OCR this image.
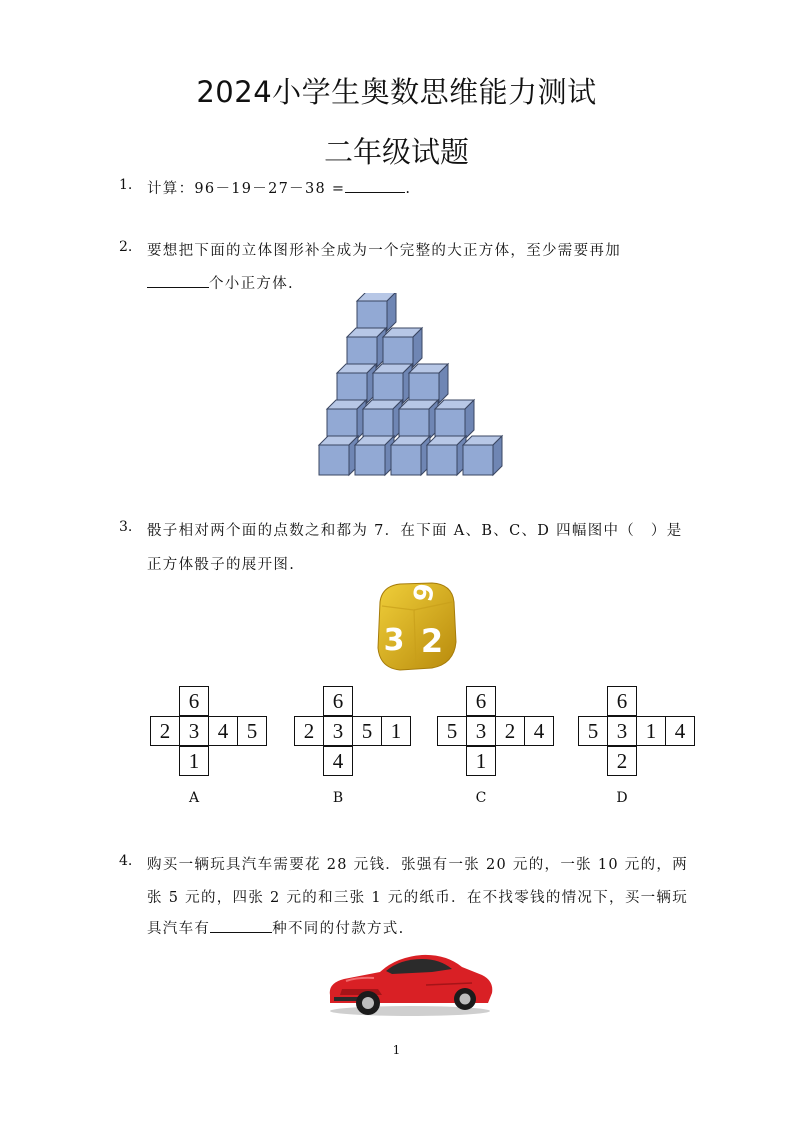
2024小学生奥数思维能力测试
二年级试题
1. 计算：96－19－27－38 =	.
2. 要想把下面的立体图形补全成为一个完整的大正方体，至少需要再加
个小正方体.
3. 骰子相对两个面的点数之和都为 7．在下面 A、B、C、D 四幅图中（　）是
正方体骰子的展开图.
6
3 2
6
2 3 4 5
1
A
6
2 3 5 1
4
B
6
5 3 2 4
1
C
6
5 3 1 4
2
D
4. 购买一辆玩具汽车需要花 28 元钱．张强有一张 20 元的，一张 10 元的，两
张 5 元的，四张 2 元的和三张 1 元的纸币．在不找零钱的情况下，买一辆玩
具汽车有	种不同的付款方式.
1
